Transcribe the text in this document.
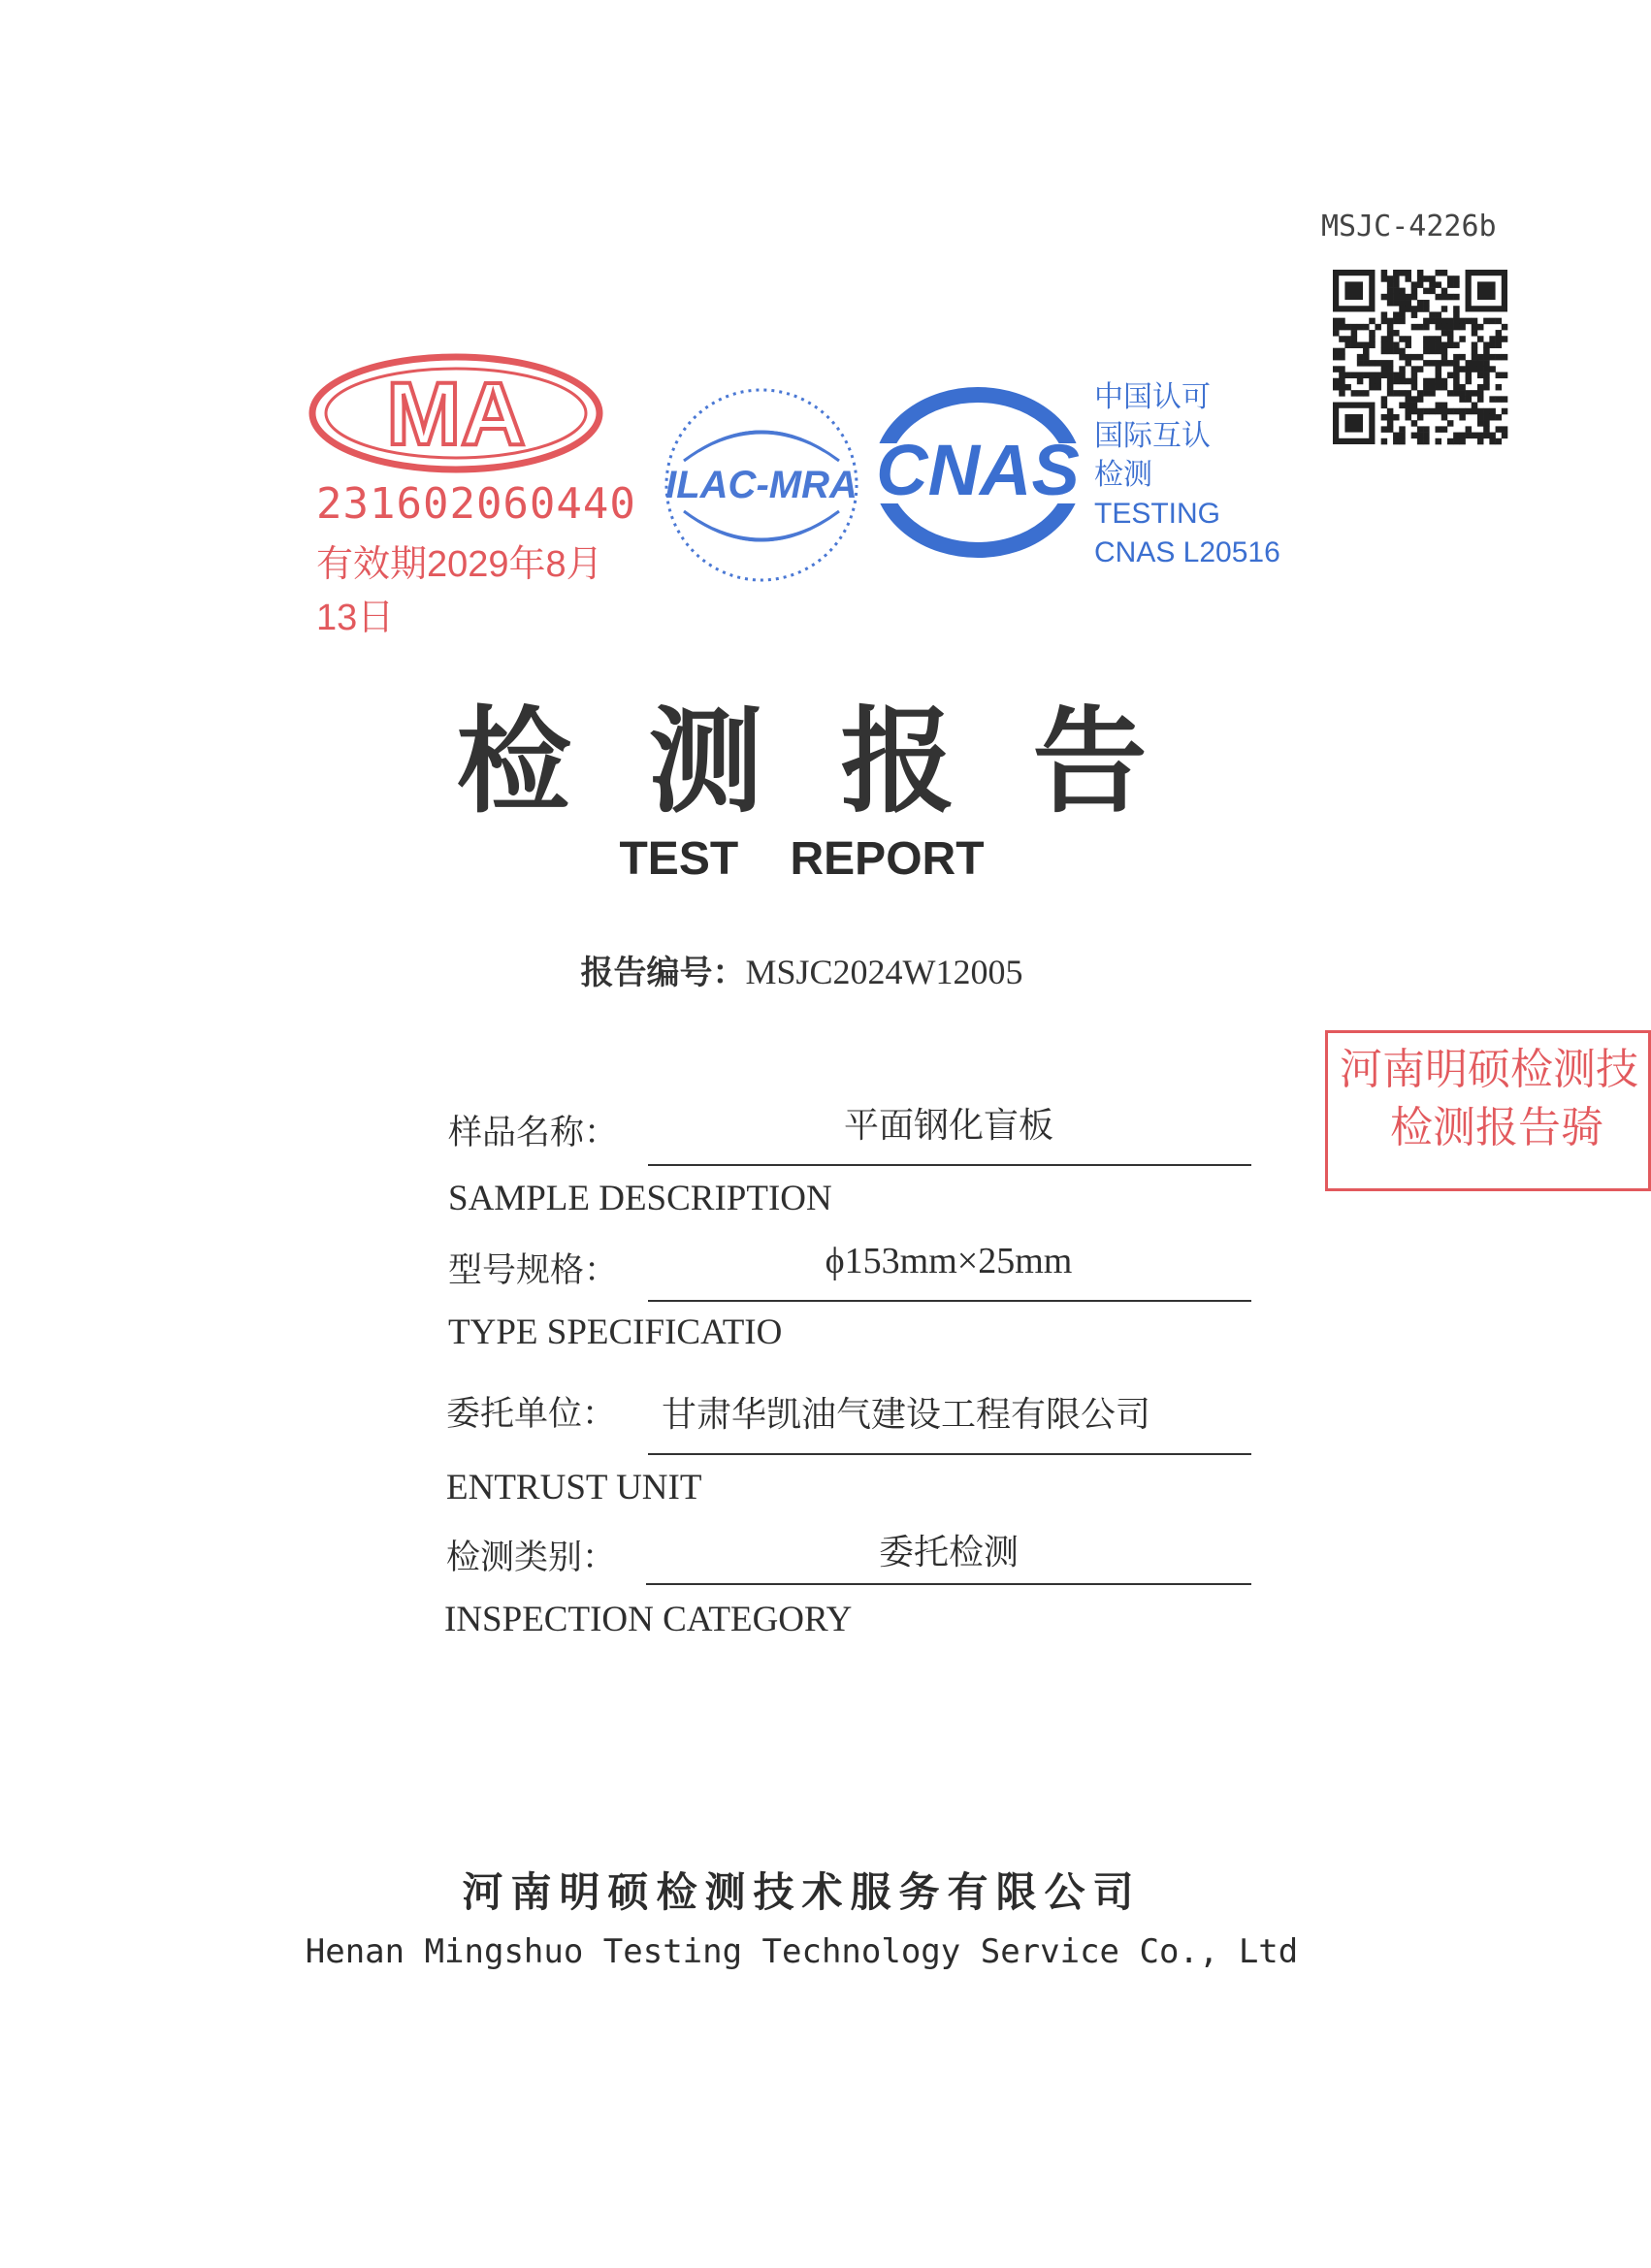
MSJC-4226b
MA
231602060440
有效期2029年8月13日
ILAC-MRA CNAS
中国认可
国际互认
检测
TESTING
CNAS L20516
检测报告
TEST REPORT
报告编号：MSJC2024W12005
河南明硕检测技
检测报告骑
样品名称：	平面钢化盲板
SAMPLE DESCRIPTION
型号规格：	ϕ153mm×25mm
TYPE SPECIFICATIO
委托单位： 甘肃华凯油气建设工程有限公司
ENTRUST UNIT
检测类别：	委托检测
INSPECTION CATEGORY
河南明硕检测技术服务有限公司
Henan Mingshuo Testing Technology Service Co., Ltd
